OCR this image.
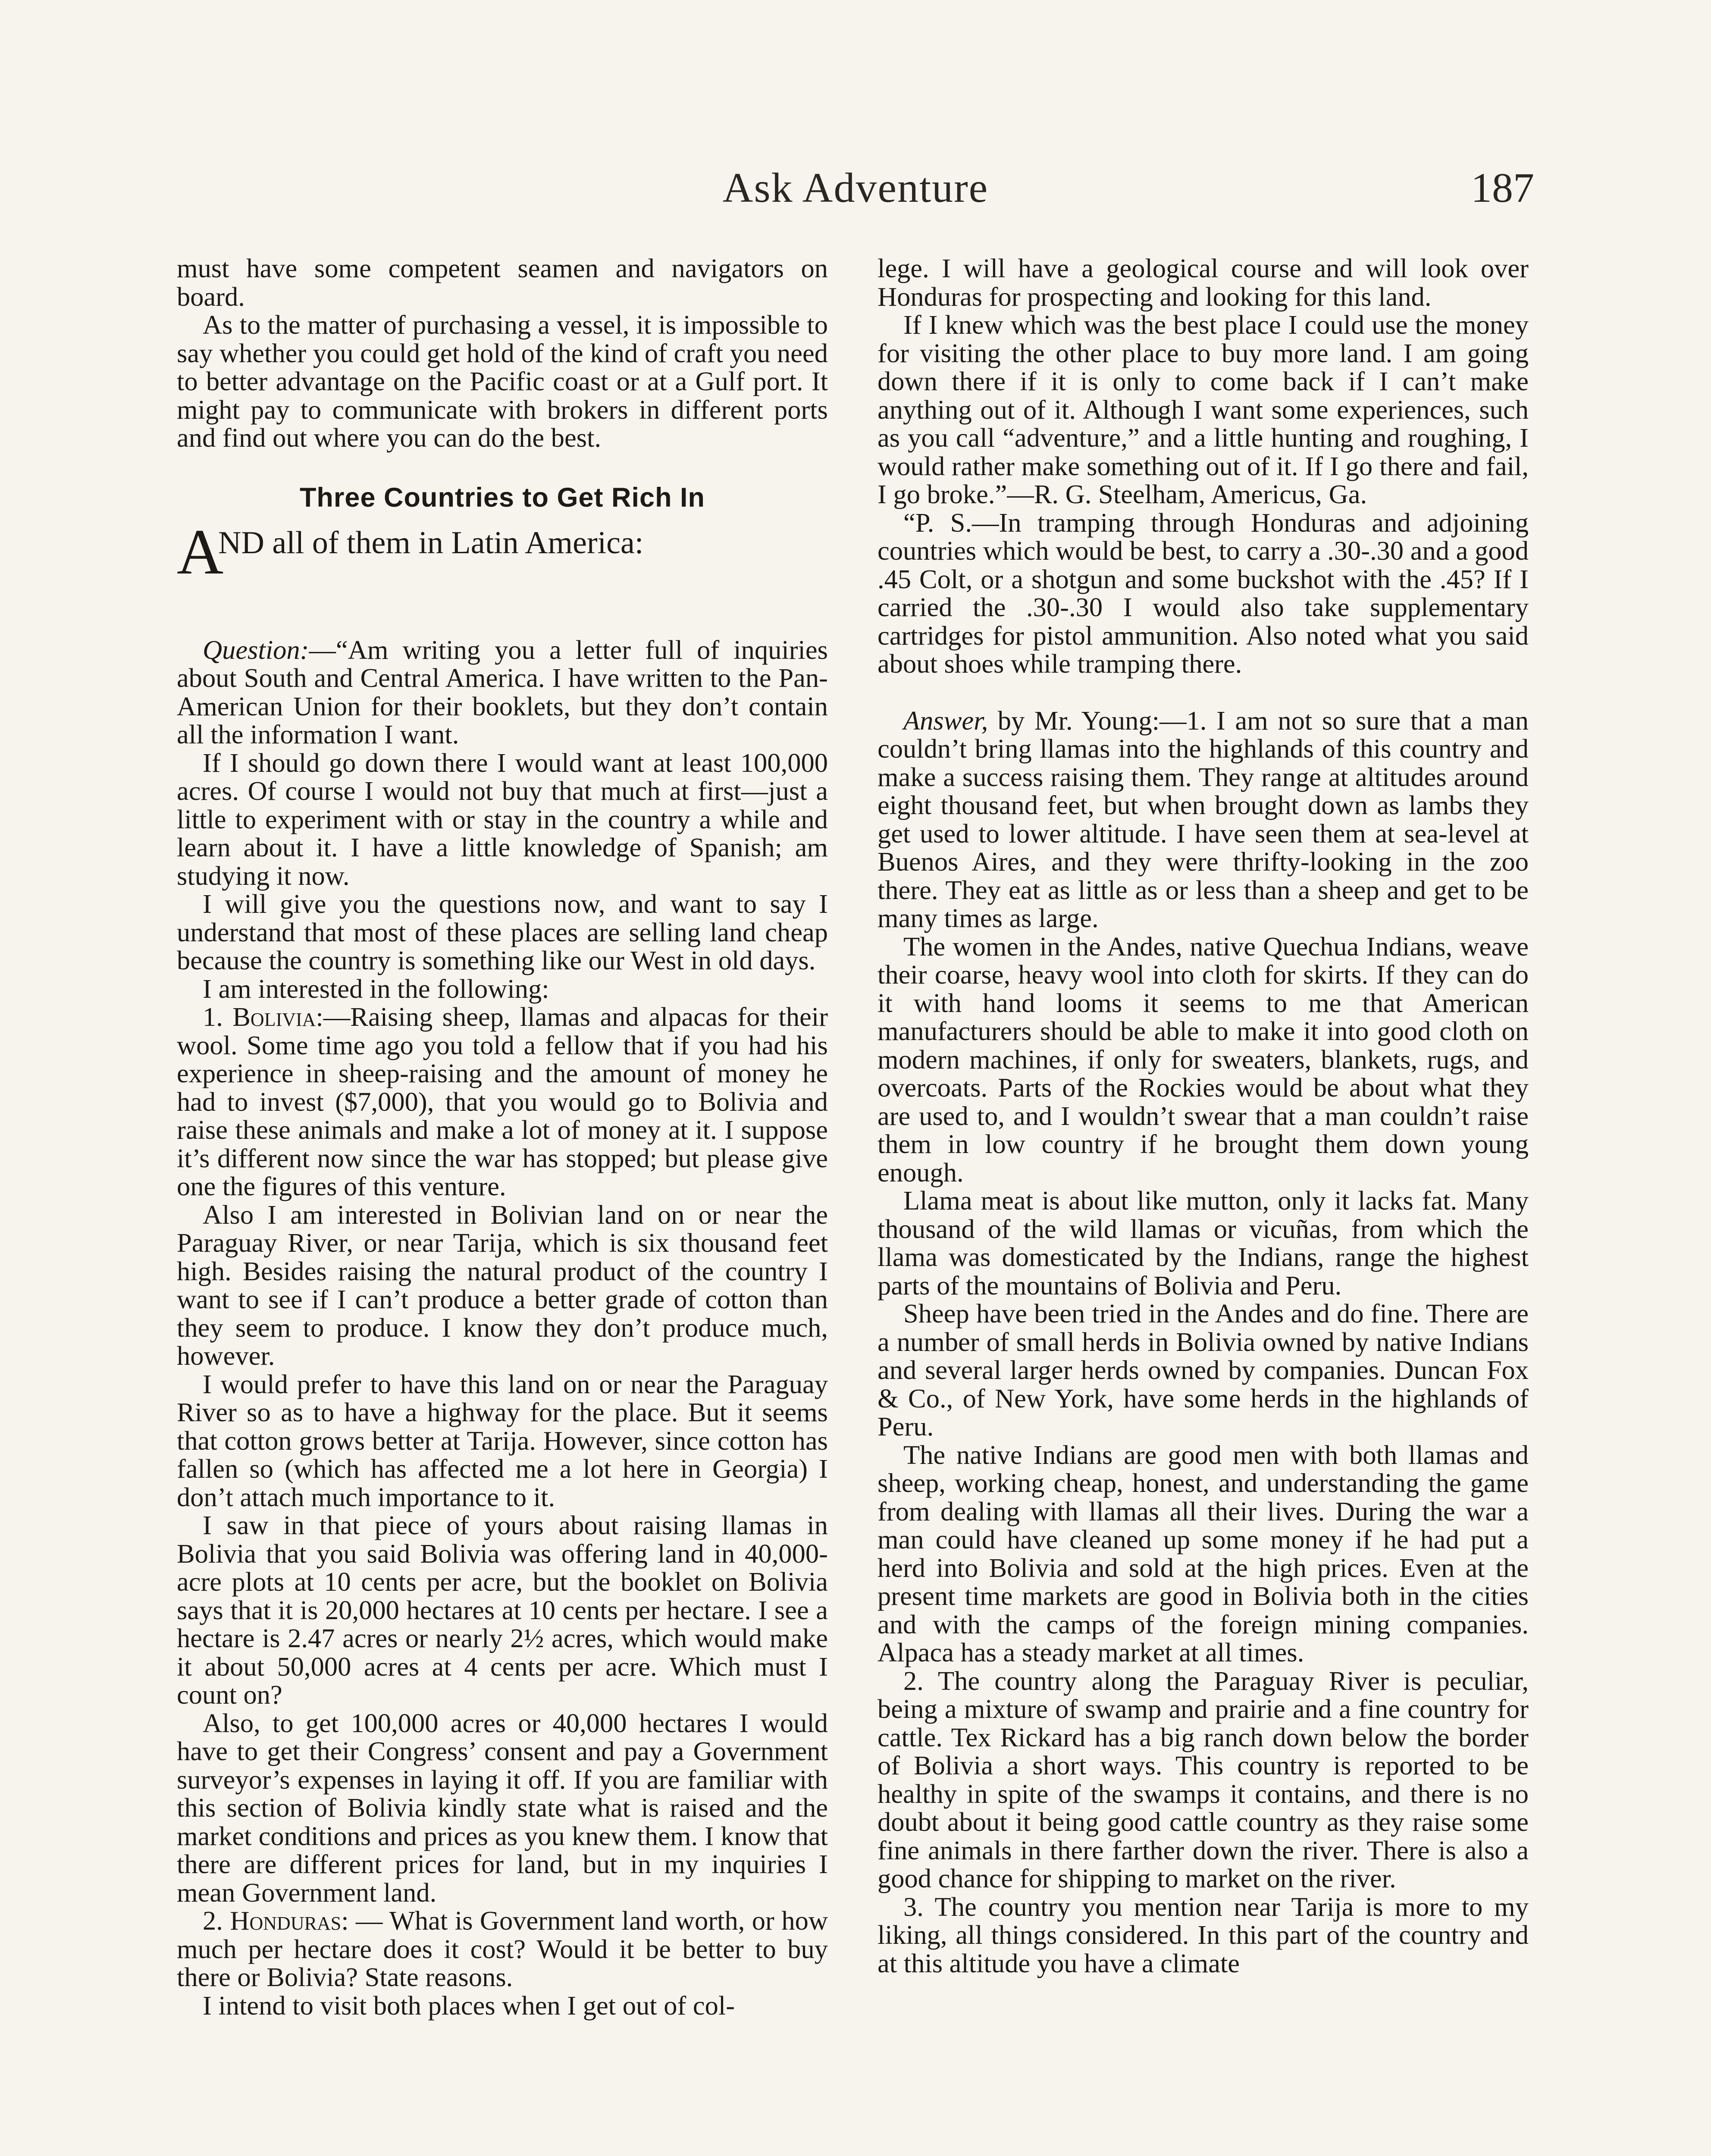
Ask Adventure	187

must have some competent seamen and navigators on board.

As to the matter of purchasing a vessel, it is impossible to say whether you could get hold of the kind of craft you need to better advantage on the Pacific coast or at a Gulf port. It might pay to communicate with brokers in different ports and find out where you can do the best.

Three Countries to Get Rich In
A
ND all of them in Latin America:

Question:—“Am writing you a letter full of inquiries about South and Central America. I have written to the Pan-American Union for their booklets, but they don’t contain all the information I want.

If I should go down there I would want at least 100,000 acres. Of course I would not buy that much at first—just a little to experiment with or stay in the country a while and learn about it. I have a little knowledge of Spanish; am studying it now.

I will give you the questions now, and want to say I understand that most of these places are selling land cheap because the country is something like our West in old days.

I am interested in the following:

1. Bolivia:—Raising sheep, llamas and alpacas for their wool. Some time ago you told a fellow that if you had his experience in sheep-raising and the amount of money he had to invest ($7,000), that you would go to Bolivia and raise these animals and make a lot of money at it. I suppose it’s different now since the war has stopped; but please give one the figures of this venture.

Also I am interested in Bolivian land on or near the Paraguay River, or near Tarija, which is six thousand feet high. Besides raising the natural product of the country I want to see if I can’t produce a better grade of cotton than they seem to produce. I know they don’t produce much, however.

I would prefer to have this land on or near the Paraguay River so as to have a highway for the place. But it seems that cotton grows better at Tarija. However, since cotton has fallen so (which has affected me a lot here in Georgia) I don’t attach much importance to it.

I saw in that piece of yours about raising llamas in Bolivia that you said Bolivia was offering land in 40,000-acre plots at 10 cents per acre, but the booklet on Bolivia says that it is 20,000 hectares at 10 cents per hectare. I see a hectare is 2.47 acres or nearly 2½ acres, which would make it about 50,000 acres at 4 cents per acre. Which must I count on?

Also, to get 100,000 acres or 40,000 hectares I would have to get their Congress’ consent and pay a Government surveyor’s expenses in laying it off. If you are familiar with this section of Bolivia kindly state what is raised and the market conditions and prices as you knew them. I know that there are different prices for land, but in my inquiries I mean Government land.

2. Honduras: — What is Government land worth, or how much per hectare does it cost? Would it be better to buy there or Bolivia? State reasons.

I intend to visit both places when I get out of col-

lege. I will have a geological course and will look over Honduras for prospecting and looking for this land.

If I knew which was the best place I could use the money for visiting the other place to buy more land. I am going down there if it is only to come back if I can’t make anything out of it. Although I want some experiences, such as you call “adventure,” and a little hunting and roughing, I would rather make something out of it. If I go there and fail, I go broke.”—R. G. Steelham, Americus, Ga.

“P. S.—In tramping through Honduras and adjoining countries which would be best, to carry a .30-.30 and a good .45 Colt, or a shotgun and some buckshot with the .45? If I carried the .30-.30 I would also take supplementary cartridges for pistol ammunition. Also noted what you said about shoes while tramping there.

Answer, by Mr. Young:—1. I am not so sure that a man couldn’t bring llamas into the highlands of this country and make a success raising them. They range at altitudes around eight thousand feet, but when brought down as lambs they get used to lower altitude. I have seen them at sea-level at Buenos Aires, and they were thrifty-looking in the zoo there. They eat as little as or less than a sheep and get to be many times as large.

The women in the Andes, native Quechua Indians, weave their coarse, heavy wool into cloth for skirts. If they can do it with hand looms it seems to me that American manufacturers should be able to make it into good cloth on modern machines, if only for sweaters, blankets, rugs, and overcoats. Parts of the Rockies would be about what they are used to, and I wouldn’t swear that a man couldn’t raise them in low country if he brought them down young enough.

Llama meat is about like mutton, only it lacks fat. Many thousand of the wild llamas or vicuñas, from which the llama was domesticated by the Indians, range the highest parts of the mountains of Bolivia and Peru.

Sheep have been tried in the Andes and do fine. There are a number of small herds in Bolivia owned by native Indians and several larger herds owned by companies. Duncan Fox & Co., of New York, have some herds in the highlands of Peru.

The native Indians are good men with both llamas and sheep, working cheap, honest, and understanding the game from dealing with llamas all their lives. During the war a man could have cleaned up some money if he had put a herd into Bolivia and sold at the high prices. Even at the present time markets are good in Bolivia both in the cities and with the camps of the foreign mining companies. Alpaca has a steady market at all times.

2. The country along the Paraguay River is peculiar, being a mixture of swamp and prairie and a fine country for cattle. Tex Rickard has a big ranch down below the border of Bolivia a short ways. This country is reported to be healthy in spite of the swamps it contains, and there is no doubt about it being good cattle country as they raise some fine animals in there farther down the river. There is also a good chance for shipping to market on the river.

3. The country you mention near Tarija is more to my liking, all things considered. In this part of the country and at this altitude you have a climate
